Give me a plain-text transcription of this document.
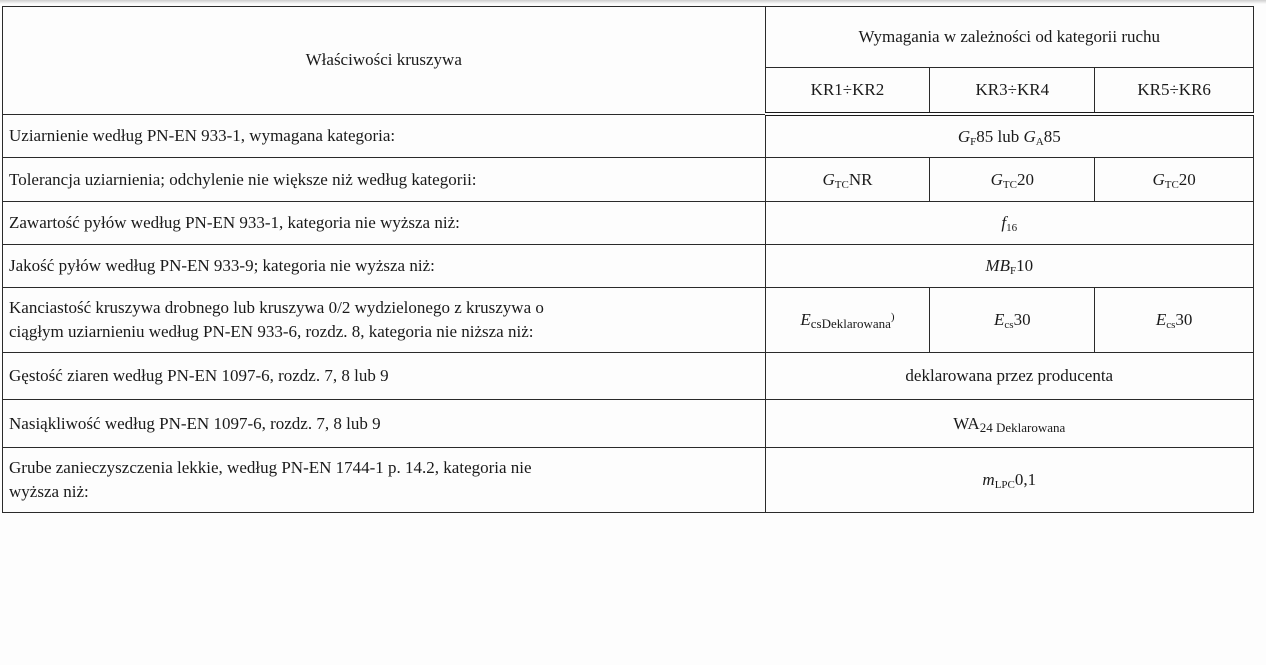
Właściwości kruszywa	Wymagania w zależności od kategorii ruchu		
	KR1÷KR2	KR3÷KR4	KR5÷KR6
Uziarnienie według PN-EN 933-1, wymagana kategoria:	$G_F85$ lub $G_A85$		
Tolerancja uziarnienia; odchylenie nie większe niż według kategorii:	$G_{TC}NR$	$G_{TC}20$	$G_{TC}20$
Zawartość pyłów według PN-EN 933-1, kategoria nie wyższa niż:	$f_{16}$
Jakość pyłów według PN-EN 933-9; kategoria nie wyższa niż:	$MB_F10$		
Kanciastość kruszywa drobnego lub kruszywa 0/2 wydzielonego z kruszywa o
ciągłym uziarnieniu według PN-EN 933-6, rozdz. 8, kategoria nie niższa niż:	$E_{csDeklarowana}^)$	$E_{cs}30$	$E_{cs}30$
Gęstość ziaren według PN-EN 1097-6, rozdz. 7, 8 lub 9	deklarowana przez producenta		
Nasiąkliwość według PN-EN 1097-6, rozdz. 7, 8 lub 9	$WA_{24 Deklarowana}$
Grube zanieczyszczenia lekkie, według PN-EN 1744-1 p. 14.2, kategoria nie
wyższa niż:	$m_{LPC}0,1$		
